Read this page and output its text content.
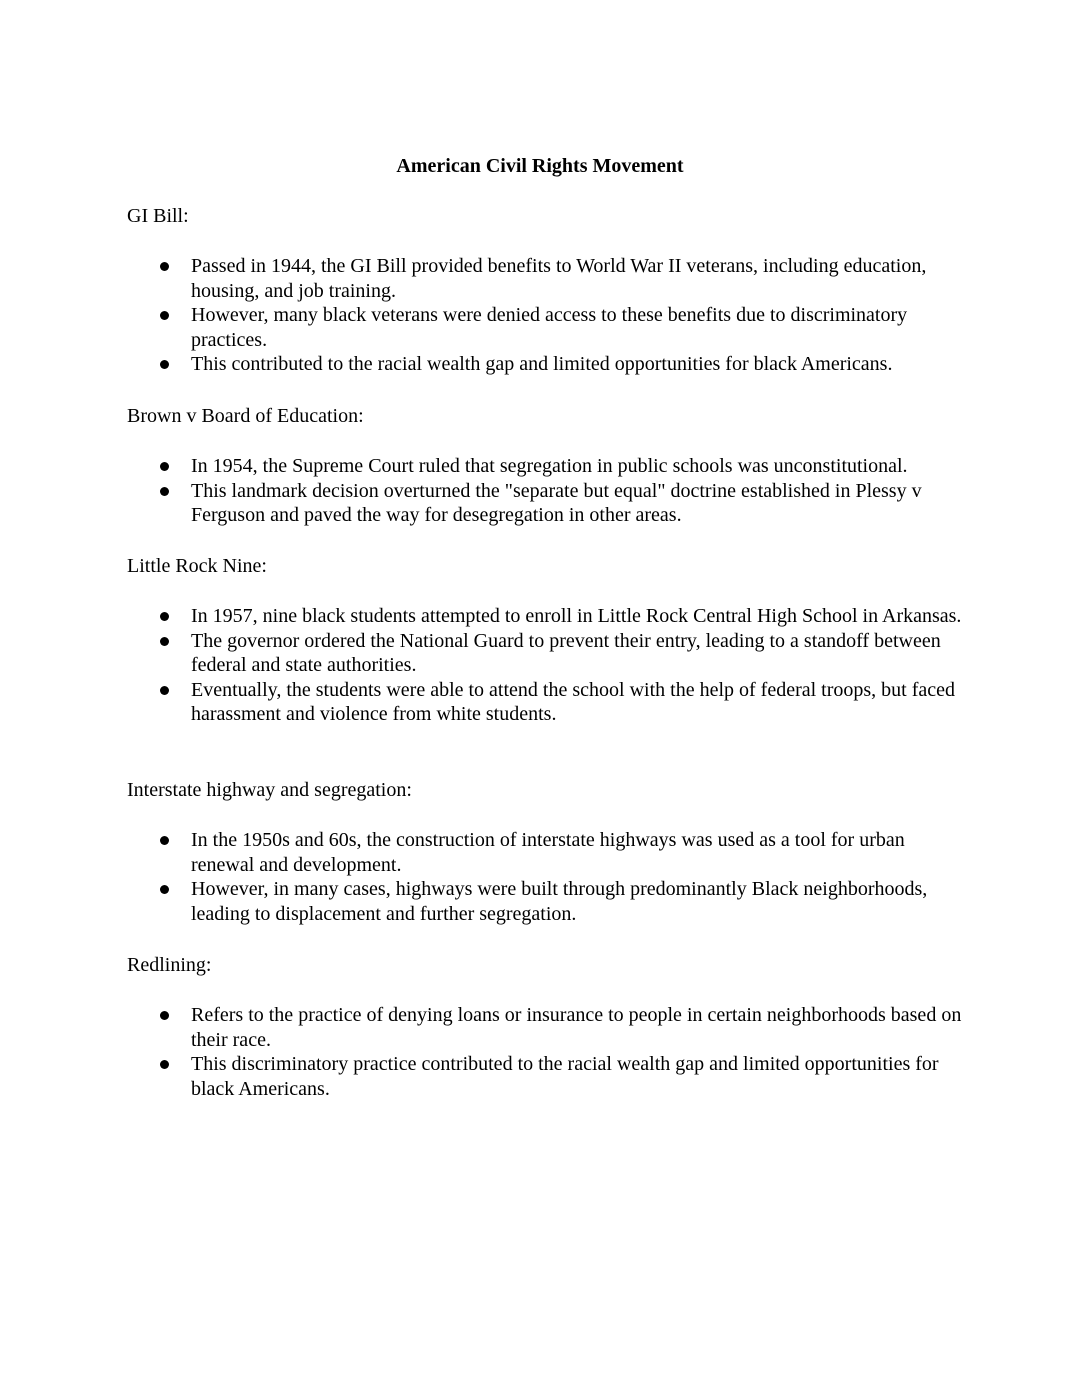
American Civil Rights Movement

GI Bill:

Passed in 1944, the GI Bill provided benefits to World War II veterans, including education, housing, and job training.
However, many black veterans were denied access to these benefits due to discriminatory practices.
This contributed to the racial wealth gap and limited opportunities for black Americans.

Brown v Board of Education:

In 1954, the Supreme Court ruled that segregation in public schools was unconstitutional.
This landmark decision overturned the "separate but equal" doctrine established in Plessy v Ferguson and paved the way for desegregation in other areas.

Little Rock Nine:

In 1957, nine black students attempted to enroll in Little Rock Central High School in Arkansas.
The governor ordered the National Guard to prevent their entry, leading to a standoff between federal and state authorities.
Eventually, the students were able to attend the school with the help of federal troops, but faced harassment and violence from white students.

Interstate highway and segregation:

In the 1950s and 60s, the construction of interstate highways was used as a tool for urban renewal and development.
However, in many cases, highways were built through predominantly Black neighborhoods, leading to displacement and further segregation.

Redlining:

Refers to the practice of denying loans or insurance to people in certain neighborhoods based on their race.
This discriminatory practice contributed to the racial wealth gap and limited opportunities for black Americans.
